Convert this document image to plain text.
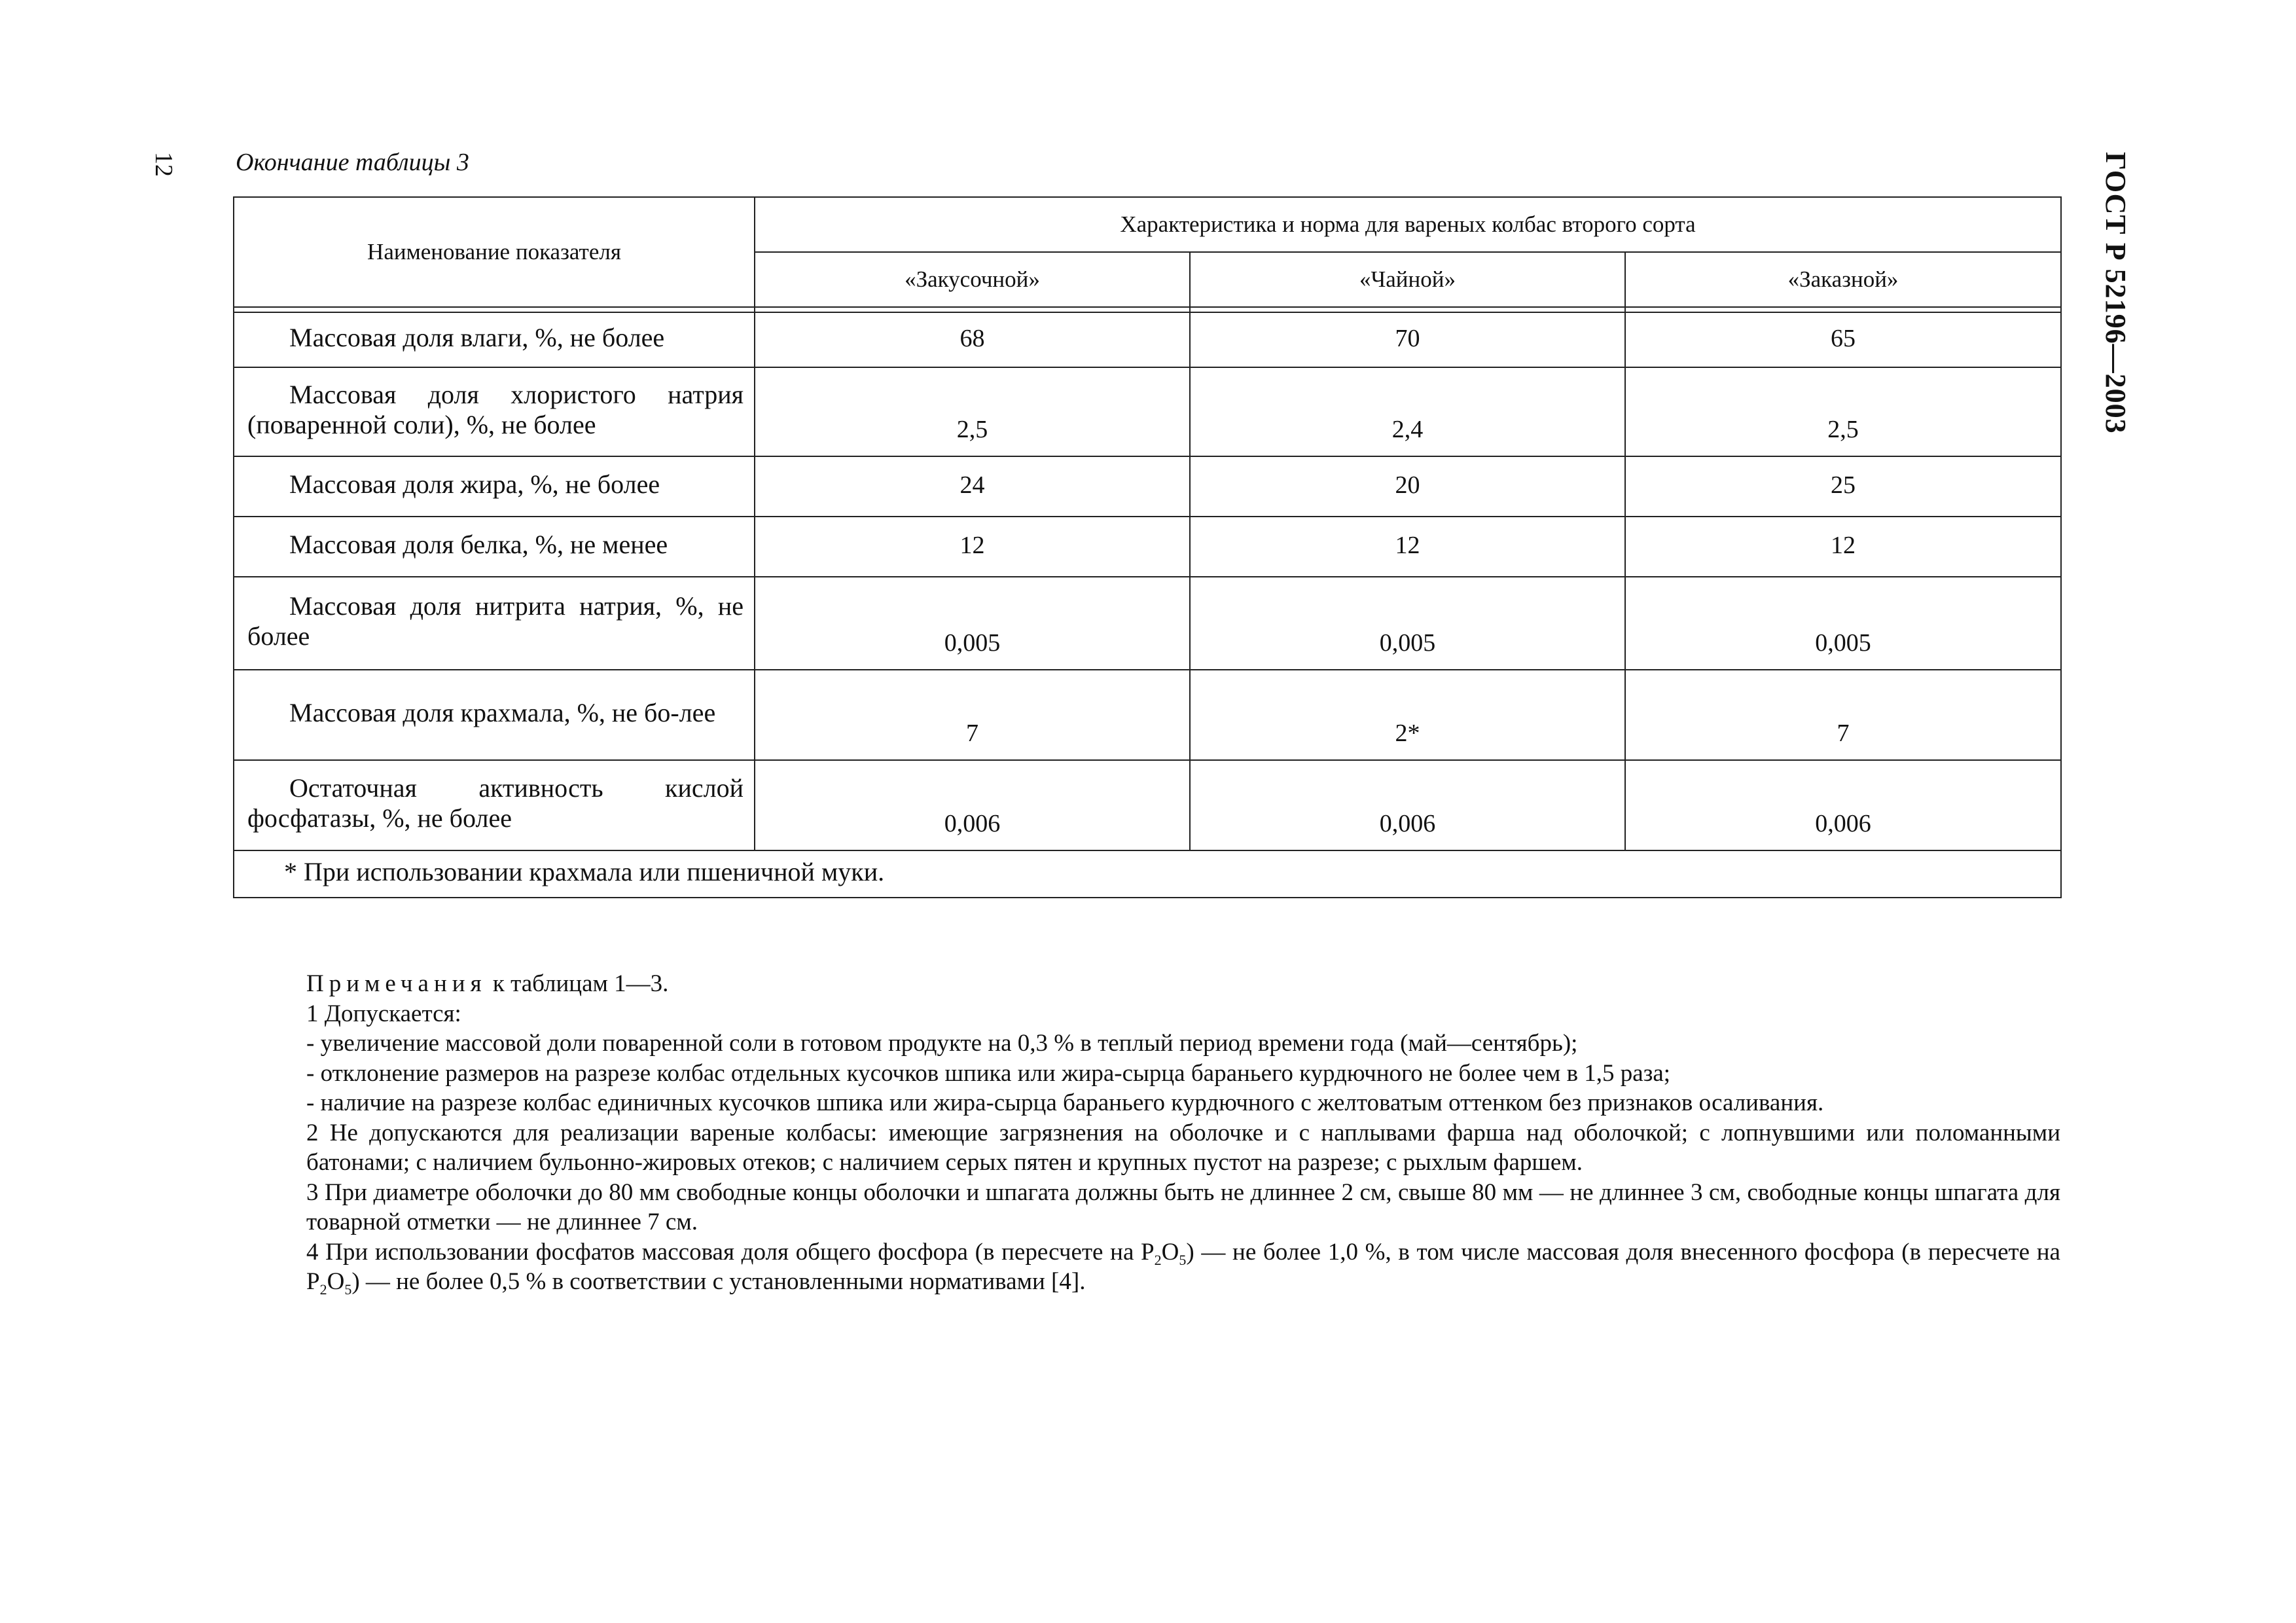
12 Окончание таблицы 3	ГОСТ Р 52196—2003
Наименование показателя	Характеристика и норма для вареных колбас второго сорта		
	«Закусочной»	«Чайной»	«Заказной»

Массовая доля влаги, %, не более	68	70	65
Массовая доля хлористого натрия (поваренной соли), %, не более	2,5	2,4	2,5
Массовая доля жира, %, не более	24	20	25
Массовая доля белка, %, не менее	12	12	12
Массовая доля нитрита натрия, %, не более	0,005	0,005	0,005
Массовая доля крахмала, %, не бо-лее	7	2*	7
Остаточная активность кислой фосфатазы, %, не более	0,006	0,006	0,006
* При использовании крахмала или пшеничной муки.			

Примечания к таблицам 1—3.

1 Допускается:

- увеличение массовой доли поваренной соли в готовом продукте на 0,3 % в теплый период времени года (май—сентябрь);

- отклонение размеров на разрезе колбас отдельных кусочков шпика или жира-сырца бараньего курдючного не более чем в 1,5 раза;

- наличие на разрезе колбас единичных кусочков шпика или жира-сырца бараньего курдючного с желтоватым оттенком без признаков осаливания.

2 Не допускаются для реализации вареные колбасы: имеющие загрязнения на оболочке и с наплывами фарша над оболочкой; с лопнувшими или поломанными батонами; с наличием бульонно-жировых отеков; с наличием серых пятен и крупных пустот на разрезе; с рыхлым фаршем.

3 При диаметре оболочки до 80 мм свободные концы оболочки и шпагата должны быть не длиннее 2 см, свыше 80 мм — не длиннее 3 см, свободные концы шпагата для товарной отметки — не длиннее 7 см.

4 При использовании фосфатов массовая доля общего фосфора (в пересчете на $P_2O_5$) — не более 1,0 %, в том числе массовая доля внесенного фосфора (в пересчете на $P_2O_5$) — не более 0,5 % в соответствии с установленными нормативами [4].
